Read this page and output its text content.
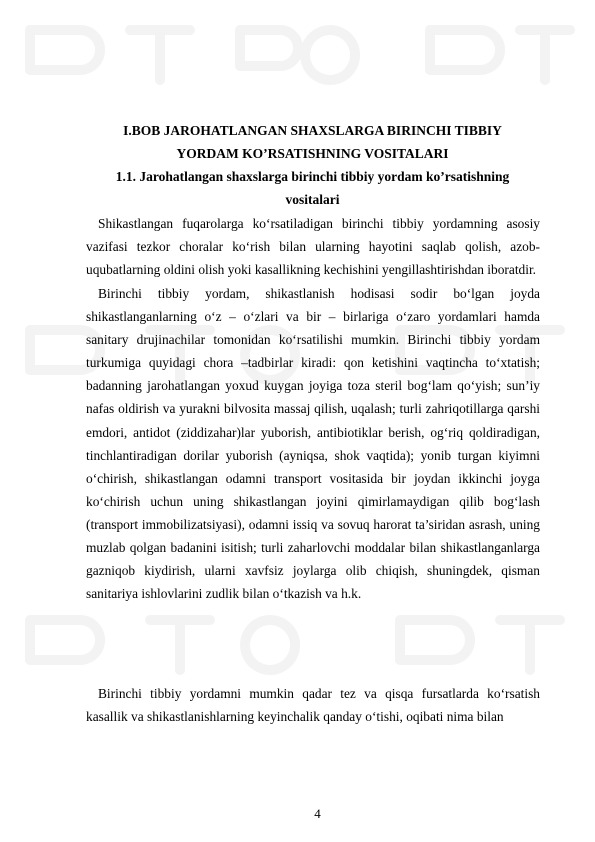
I.BOB JAROHATLANGAN SHAXSLARGA BIRINCHI TIBBIY
YORDAM KO’RSATISHNING VOSITALARI
1.1. Jarohatlangan shaxslarga birinchi tibbiy yordam ko’rsatishning
vositalari

Shikastlangan fuqarolarga ko‘rsatiladigan birinchi tibbiy yordamning asosiy vazifasi tezkor choralar ko‘rish bilan ularning hayotini saqlab qolish, azob-uqubatlarning oldini olish yoki kasallikning kechishini yengillashtirishdan iboratdir.

Birinchi tibbiy yordam, shikastlanish hodisasi sodir bo‘lgan joyda shikastlanganlarning o‘z – o‘zlari va bir – birlariga o‘zaro yordamlari hamda sanitary drujinachilar tomonidan ko‘rsatilishi mumkin. Birinchi tibbiy yordam turkumiga quyidagi chora –tadbirlar kiradi: qon ketishini vaqtincha to‘xtatish; badanning jarohatlangan yoxud kuygan joyiga toza steril bog‘lam qo‘yish; sun’iy nafas oldirish va yurakni bilvosita massaj qilish, uqalash; turli zahriqotillarga qarshi emdori, antidot (ziddizahar)lar yuborish, antibiotiklar berish, og‘riq qoldiradigan, tinchlantiradigan dorilar yuborish (ayniqsa, shok vaqtida); yonib turgan kiyimni o‘chirish, shikastlangan odamni transport vositasida bir joydan ikkinchi joyga ko‘chirish uchun uning shikastlangan joyini qimirlamaydigan qilib bog‘lash (transport immobilizatsiyasi), odamni issiq va sovuq harorat ta’siridan asrash, uning muzlab qolgan badanini isitish; turli zaharlovchi moddalar bilan shikastlanganlarga gazniqob kiydirish, ularni xavfsiz joylarga olib chiqish, shuningdek, qisman sanitariya ishlovlarini zudlik bilan o‘tkazish va h.k.

Birinchi tibbiy yordamni mumkin qadar tez va qisqa fursatlarda ko‘rsatish kasallik va shikastlanishlarning keyinchalik qanday o‘tishi, oqibati nima bilan

4
